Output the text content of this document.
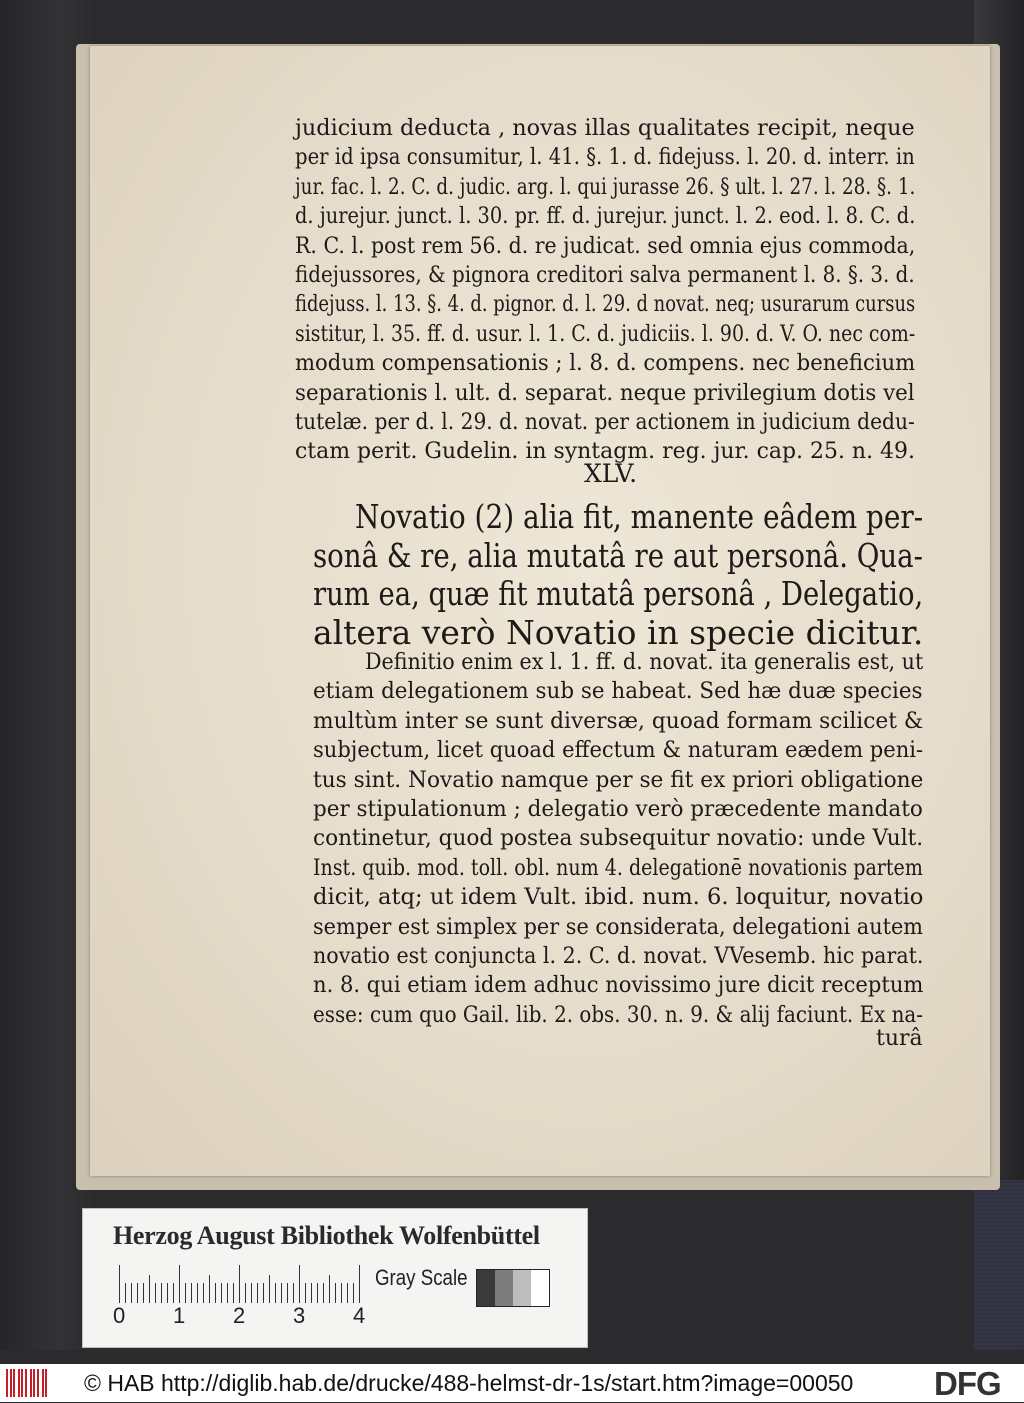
judicium deducta , novas illas qualitates recipit, neque
per id ipsa consumitur, l. 41. §. 1. d. fidejuss. l. 20. d. interr. in
jur. fac. l. 2. C. d. judic. arg. l. qui jurasse 26. § ult. l. 27. l. 28. §. 1.
d. jurejur. junct. l. 30. pr. ff. d. jurejur. junct. l. 2. eod. l. 8. C. d.
R. C. l. post rem 56. d. re judicat. sed omnia ejus commoda,
fidejussores, & pignora creditori salva permanent l. 8. §. 3. d.
fidejuss. l. 13. §. 4. d. pignor. d. l. 29. d novat. neq; usurarum cursus
sistitur, l. 35. ff. d. usur. l. 1. C. d. judiciis. l. 90. d. V. O. nec com-
modum compensationis ; l. 8. d. compens. nec beneficium
separationis l. ult. d. separat. neque privilegium dotis vel
tutelæ. per d. l. 29. d. novat. per actionem in judicium dedu-
ctam perit. Gudelin. in syntagm. reg. jur. cap. 25. n. 49.
XLV.
Novatio (2) alia fit, manente eâdem per-
sonâ & re, alia mutatâ re aut personâ. Qua-
rum ea, quæ fit mutatâ personâ , Delegatio,
altera verò Novatio in specie dicitur.
Definitio enim ex l. 1. ff. d. novat. ita generalis est, ut
etiam delegationem sub se habeat. Sed hæ duæ species
multùm inter se sunt diversæ, quoad formam scilicet &
subjectum, licet quoad effectum & naturam eædem peni-
tus sint. Novatio namque per se fit ex priori obligatione
per stipulationum ; delegatio verò præcedente mandato
continetur, quod postea subsequitur novatio: unde Vult.
Inst. quib. mod. toll. obl. num 4. delegationē novationis partem
dicit, atq; ut idem Vult. ibid. num. 6. loquitur, novatio
semper est simplex per se considerata, delegationi autem
novatio est conjuncta l. 2. C. d. novat. VVesemb. hic parat.
n. 8. qui etiam idem adhuc novissimo jure dicit receptum
esse: cum quo Gail. lib. 2. obs. 30. n. 9. & alij faciunt. Ex na-
turâ
Herzog August Bibliothek Wolfenbüttel
0 1 2 3 4
Gray Scale
© HAB http://diglib.hab.de/drucke/488-helmst-dr-1s/start.htm?image=00050 DFG
